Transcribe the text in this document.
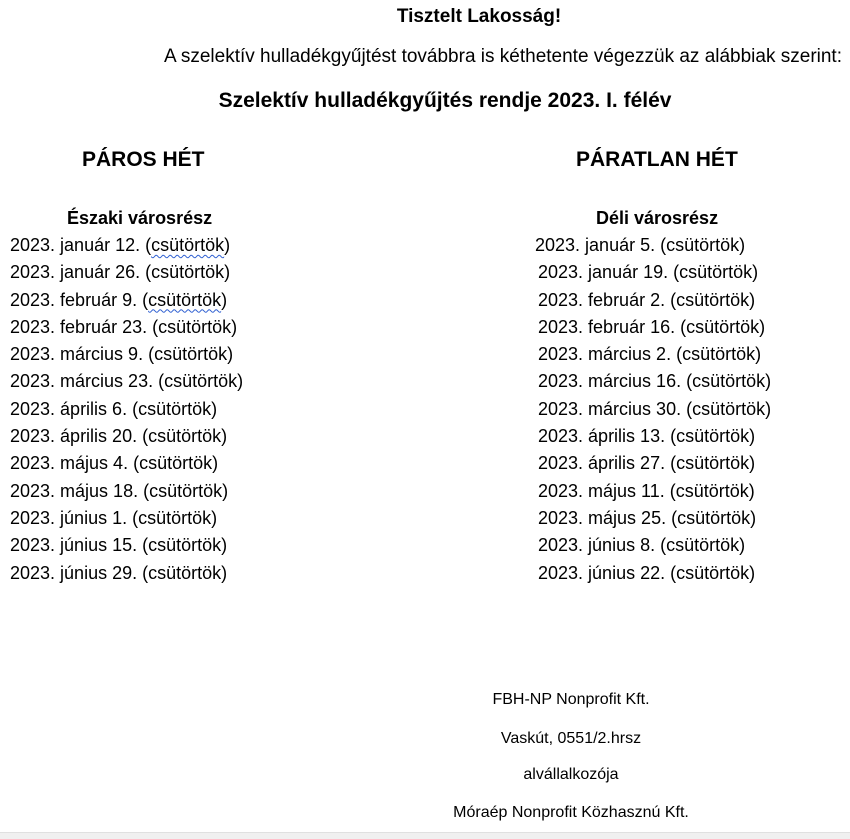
Tisztelt Lakosság!
A szelektív hulladékgyűjtést továbbra is kéthetente végezzük az alábbiak szerint:
Szelektív hulladékgyűjtés rendje 2023. I. félév
PÁROS HÉT	PÁRATLAN HÉT
Északi városrész	Déli városrész
2023. január 12. (csütörtök)
2023. január 26. (csütörtök)
2023. február 9. (csütörtök)
2023. február 23. (csütörtök)
2023. március 9. (csütörtök)
2023. március 23. (csütörtök)
2023. április 6. (csütörtök)
2023. április 20. (csütörtök)
2023. május 4. (csütörtök)
2023. május 18. (csütörtök)
2023. június 1. (csütörtök)
2023. június 15. (csütörtök)
2023. június 29. (csütörtök)
2023. január 5. (csütörtök)
2023. január 19. (csütörtök)
2023. február 2. (csütörtök)
2023. február 16. (csütörtök)
2023. március 2. (csütörtök)
2023. március 16. (csütörtök)
2023. március 30. (csütörtök)
2023. április 13. (csütörtök)
2023. április 27. (csütörtök)
2023. május 11. (csütörtök)
2023. május 25. (csütörtök)
2023. június 8. (csütörtök)
2023. június 22. (csütörtök)
FBH-NP Nonprofit Kft.
Vaskút, 0551/2.hrsz
alvállalkozója
Móraép Nonprofit Közhasznú Kft.
